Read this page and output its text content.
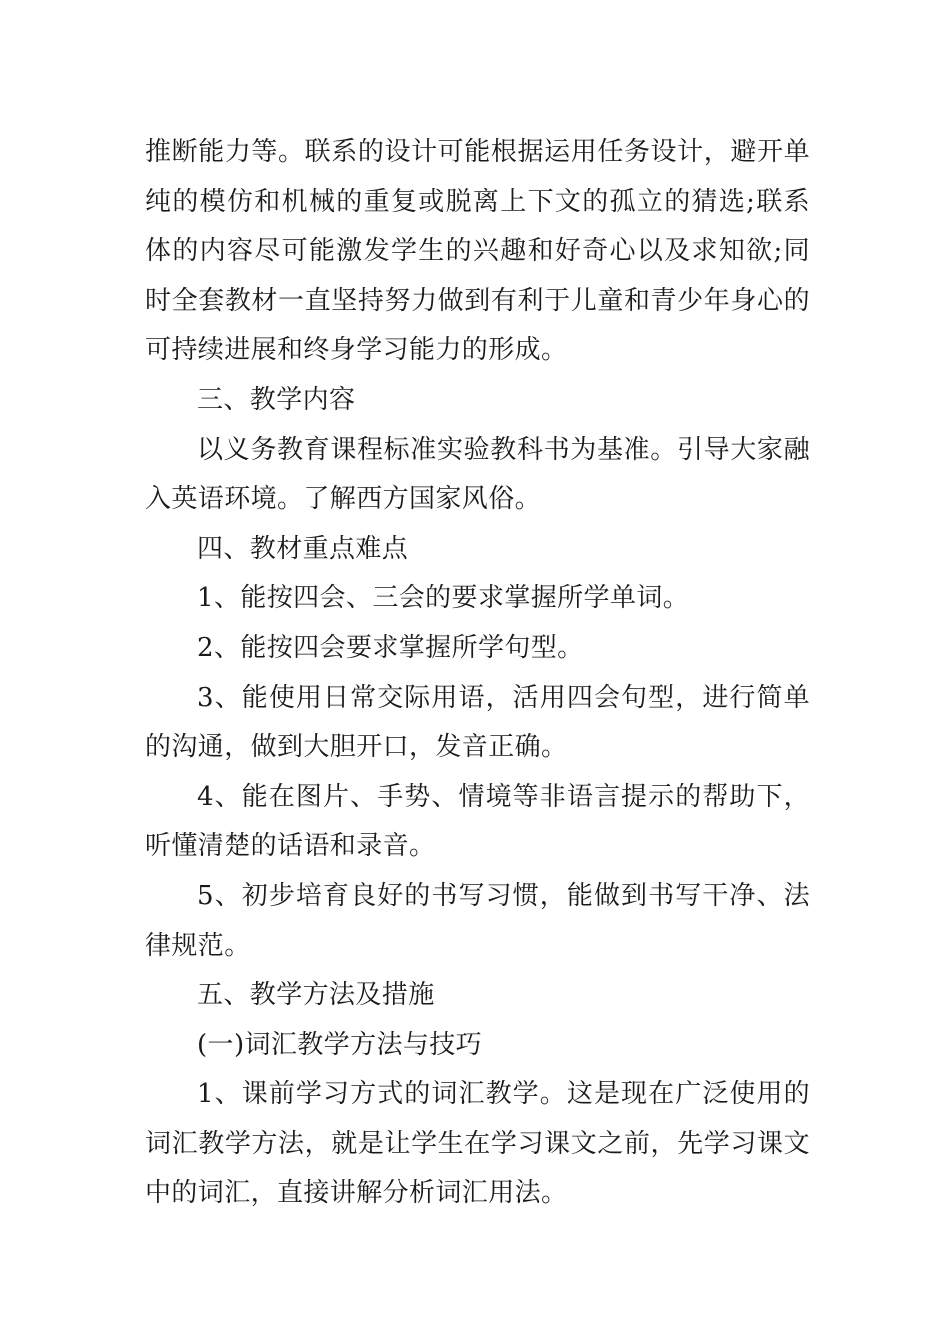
推断能力等。联系的设计可能根据运用任务设计，避开单纯的模仿和机械的重复或脱离上下文的孤立的猜选;联系体的内容尽可能激发学生的兴趣和好奇心以及求知欲;同时全套教材一直坚持努力做到有利于儿童和青少年身心的可持续进展和终身学习能力的形成。

三、教学内容

以义务教育课程标准实验教科书为基准。引导大家融入英语环境。了解西方国家风俗。

四、教材重点难点

1、能按四会、三会的要求掌握所学单词。

2、能按四会要求掌握所学句型。

3、能使用日常交际用语，活用四会句型，进行简单的沟通，做到大胆开口，发音正确。

4、能在图片、手势、情境等非语言提示的帮助下，听懂清楚的话语和录音。

5、初步培育良好的书写习惯，能做到书写干净、法律规范。

五、教学方法及措施

(一)词汇教学方法与技巧

1、课前学习方式的词汇教学。这是现在广泛使用的词汇教学方法，就是让学生在学习课文之前，先学习课文中的词汇，直接讲解分析词汇用法。
